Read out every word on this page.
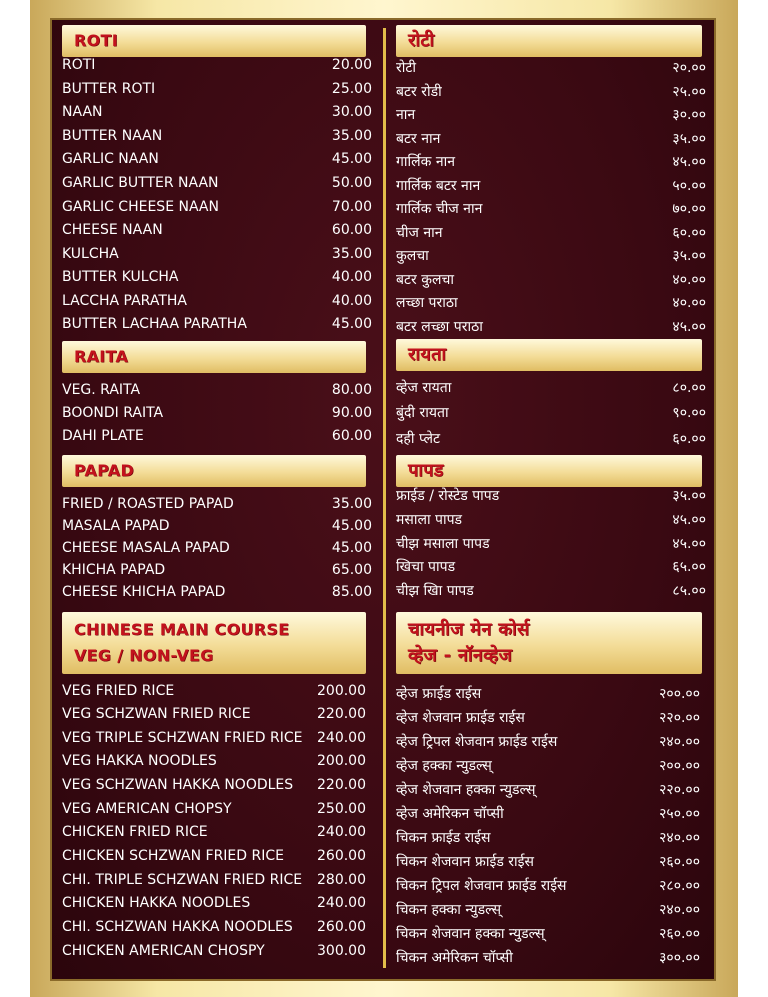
ROTI
ROTI	20.00
BUTTER ROTI	25.00
NAAN	30.00
BUTTER NAAN	35.00
GARLIC NAAN	45.00
GARLIC BUTTER NAAN	50.00
GARLIC CHEESE NAAN	70.00
CHEESE NAAN	60.00
KULCHA	35.00
BUTTER KULCHA	40.00
LACCHA PARATHA	40.00
BUTTER LACHAA PARATHA	45.00
रोटी
रोटी	२०.००
बटर रोडी	२५.००
नान	३०.००
बटर नान	३५.००
गार्लिक नान	४५.००
गार्लिक बटर नान	५०.००
गार्लिक चीज नान	७०.००
चीज नान	६०.००
कुलचा	३५.००
बटर कुलचा	४०.००
लच्छा पराठा	४०.००
बटर लच्छा पराठा	४५.००
RAITA
VEG. RAITA	80.00
BOONDI RAITA	90.00
DAHI PLATE	60.00
रायता
व्हेज रायता	८०.००
बुंदी रायता	९०.००
दही प्लेट	६०.००
PAPAD
FRIED / ROASTED PAPAD	35.00
MASALA PAPAD	45.00
CHEESE MASALA PAPAD	45.00
KHICHA PAPAD	65.00
CHEESE KHICHA PAPAD	85.00
पापड
फ्राईड / रोस्टेड पापड	३५.००
मसाला पापड	४५.००
चीझ मसाला पापड	४५.००
खिचा पापड	६५.००
चीझ खिा पापड	८५.००
CHINESE MAIN COURSE
VEG / NON-VEG
VEG FRIED RICE	200.00
VEG SCHZWAN FRIED RICE	220.00
VEG TRIPLE SCHZWAN FRIED RICE 240.00
VEG HAKKA NOODLES	200.00
VEG SCHZWAN HAKKA NOODLES 220.00
VEG AMERICAN CHOPSY	250.00
CHICKEN FRIED RICE	240.00
CHICKEN SCHZWAN FRIED RICE 260.00
CHI. TRIPLE SCHZWAN FRIED RICE 280.00
CHICKEN HAKKA NOODLES	240.00
CHI. SCHZWAN HAKKA NOODLES 260.00
CHICKEN AMERICAN CHOSPY	300.00
चायनीज मेन कोर्स
व्हेज - नॉनव्हेज
व्हेज फ्राईड राईस	२००.००
व्हेज शेजवान फ्राईड राईस	२२०.००
व्हेज ट्रिपल शेजवान फ्राईड राईस	२४०.००
व्हेज हक्का न्युडल्स्	२००.००
व्हेज शेजवान हक्का न्युडल्स्	२२०.००
व्हेज अमेरिकन चॉप्सी	२५०.००
चिकन फ्राईड राईस	२४०.००
चिकन शेजवान फ्राईड राईस	२६०.००
चिकन ट्रिपल शेजवान फ्राईड राईस	२८०.००
चिकन हक्का न्युडल्स्	२४०.००
चिकन शेजवान हक्का न्युडल्स्	२६०.००
चिकन अमेरिकन चॉप्सी	३००.००
